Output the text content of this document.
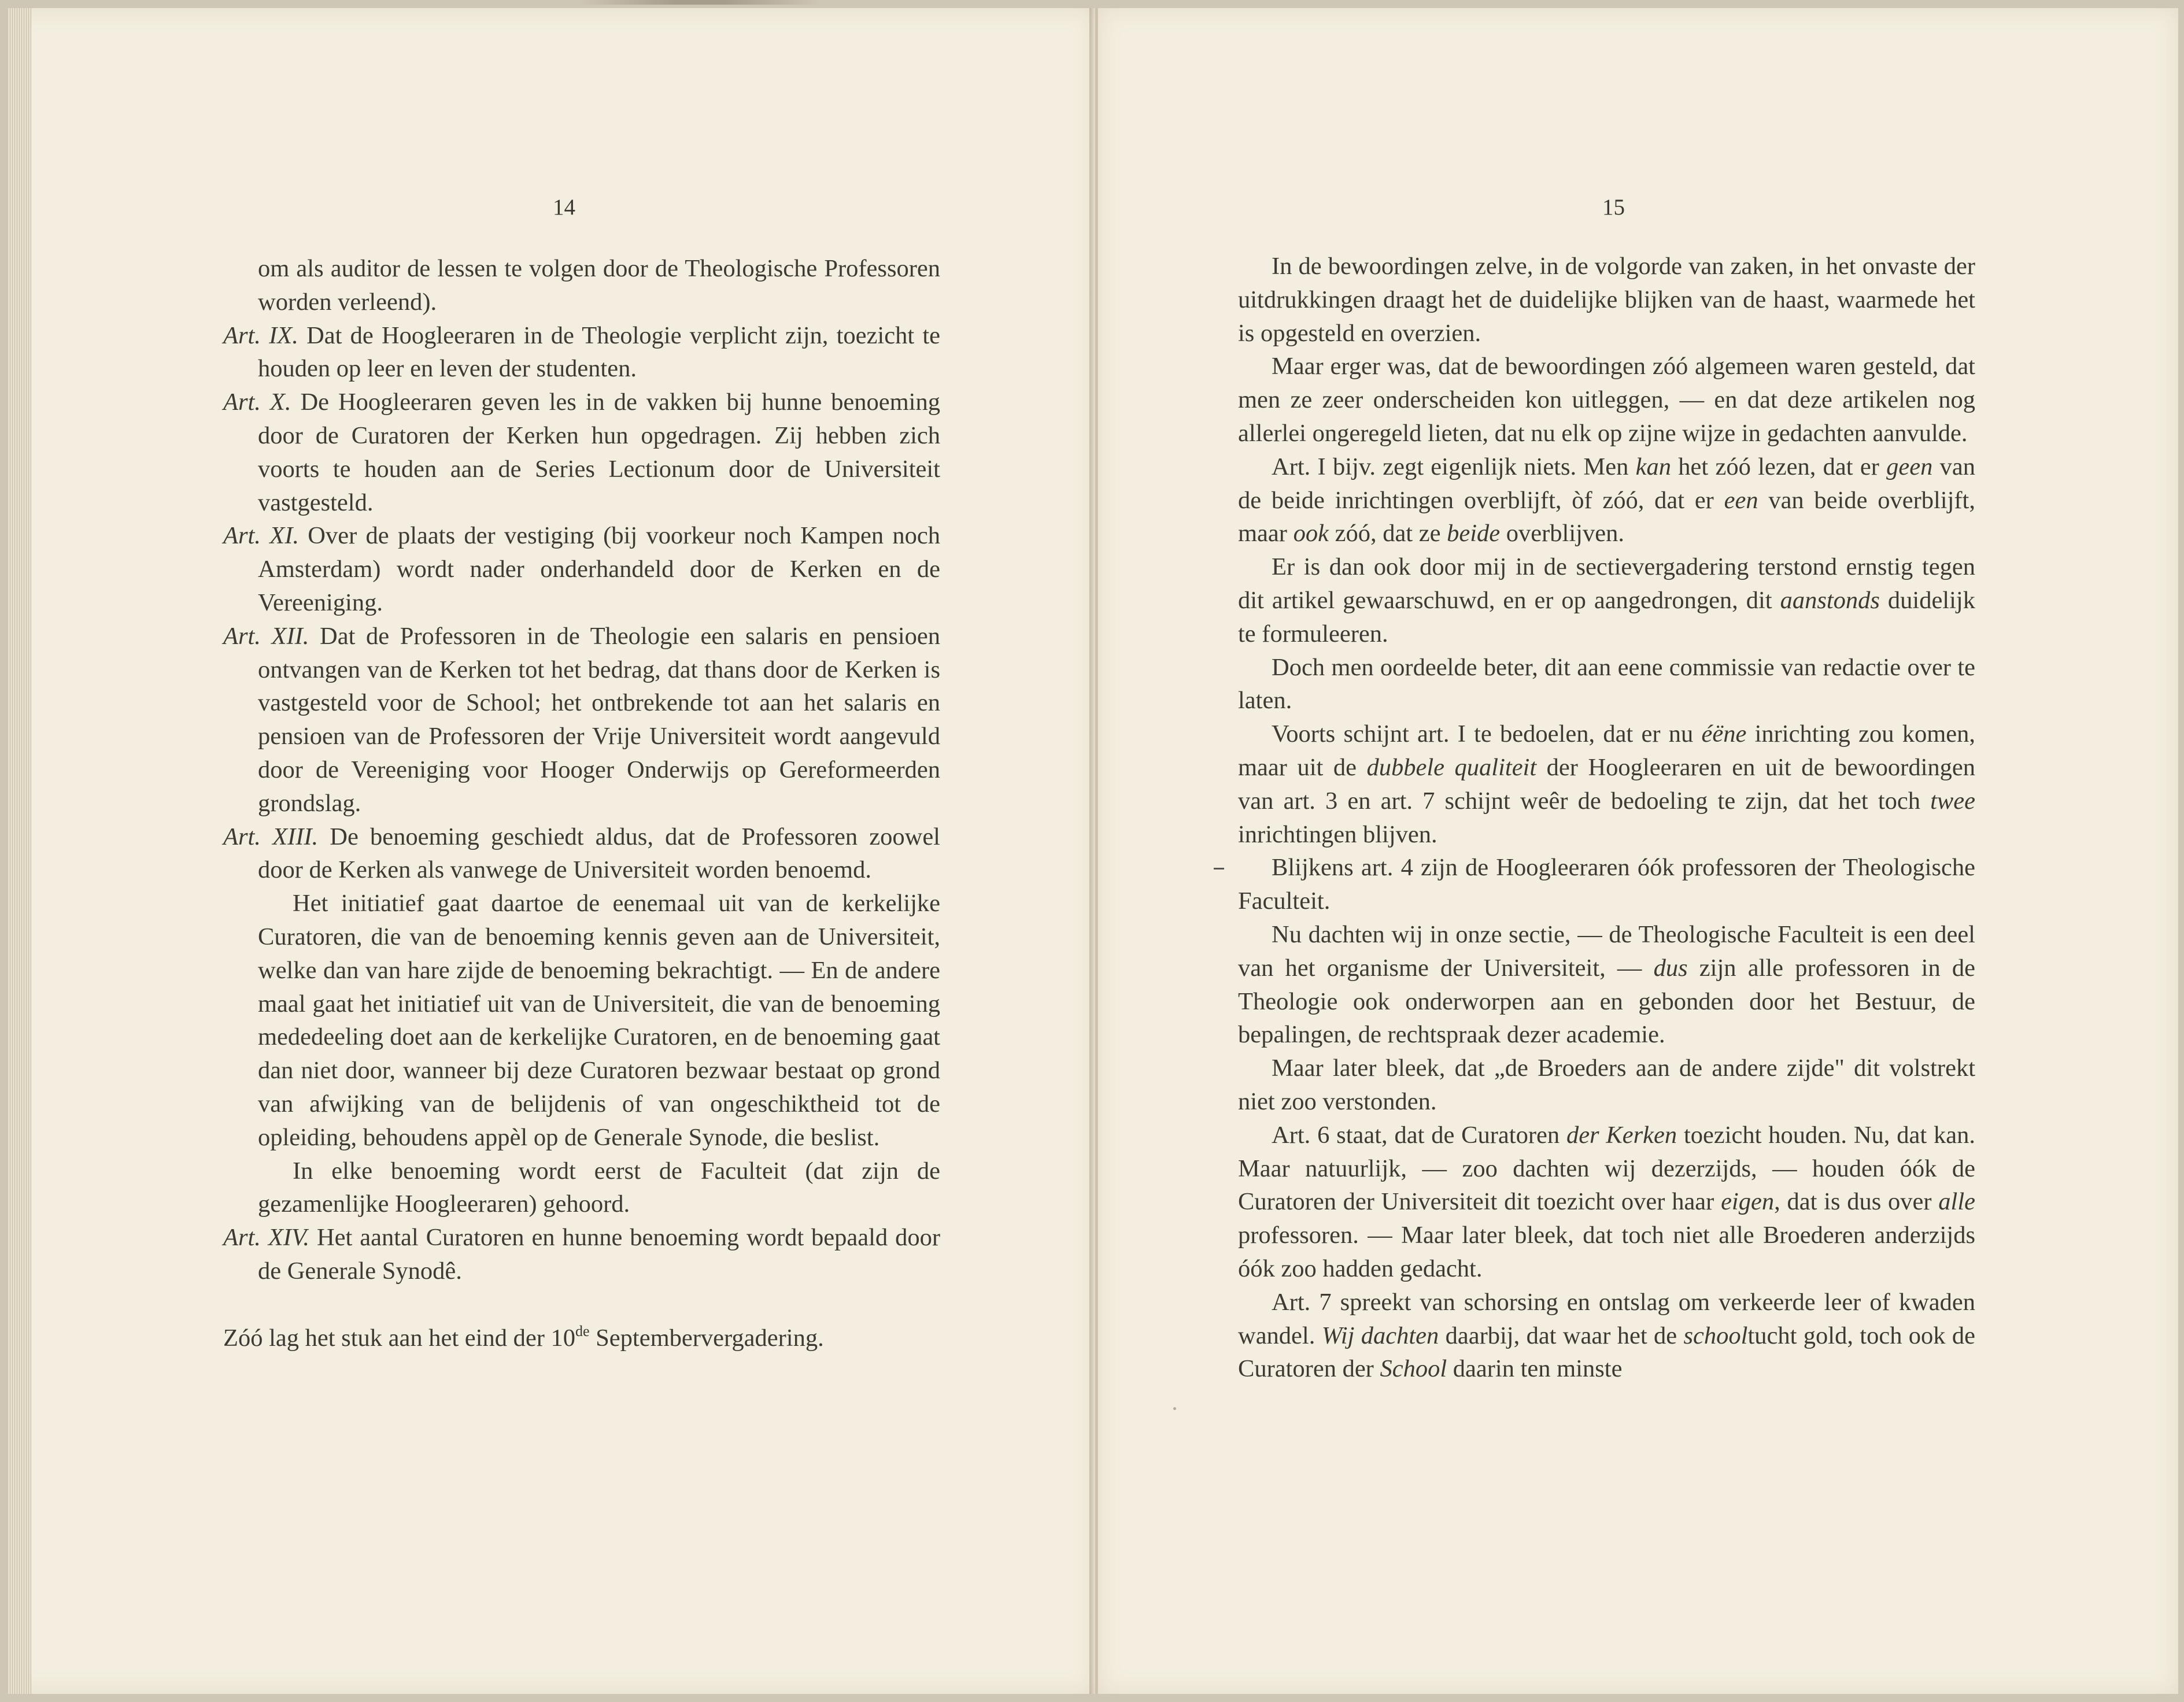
14

om als auditor de lessen te volgen door de Theologische Professoren worden verleend).

Art. IX. Dat de Hoogleeraren in de Theologie verplicht zijn, toezicht te houden op leer en leven der studenten.

Art. X. De Hoogleeraren geven les in de vakken bij hunne benoeming door de Curatoren der Kerken hun opgedragen. Zij hebben zich voorts te houden aan de Series Lectionum door de Universiteit vastgesteld.

Art. XI. Over de plaats der vestiging (bij voorkeur noch Kampen noch Amsterdam) wordt nader onderhandeld door de Kerken en de Vereeniging.

Art. XII. Dat de Professoren in de Theologie een salaris en pensioen ontvangen van de Kerken tot het bedrag, dat thans door de Kerken is vastgesteld voor de School; het ontbrekende tot aan het salaris en pensioen van de Professoren der Vrije Universiteit wordt aangevuld door de Vereeniging voor Hooger Onderwijs op Gereformeerden grondslag.

Art. XIII. De benoeming geschiedt aldus, dat de Professoren zoowel door de Kerken als vanwege de Universiteit worden benoemd.

Het initiatief gaat daartoe de eenemaal uit van de kerkelijke Curatoren, die van de benoeming kennis geven aan de Universiteit, welke dan van hare zijde de benoeming bekrachtigt. — En de andere maal gaat het initiatief uit van de Universiteit, die van de benoeming mededeeling doet aan de kerkelijke Curatoren, en de benoeming gaat dan niet door, wanneer bij deze Curatoren bezwaar bestaat op grond van afwijking van de belijdenis of van ongeschiktheid tot de opleiding, behoudens appèl op de Generale Synode, die beslist.

In elke benoeming wordt eerst de Faculteit (dat zijn de gezamenlijke Hoogleeraren) gehoord.

Art. XIV. Het aantal Curatoren en hunne benoeming wordt bepaald door de Generale Synodê.

Zóó lag het stuk aan het eind der 10de Septembervergadering.

15

In de bewoordingen zelve, in de volgorde van zaken, in het onvaste der uitdrukkingen draagt het de duidelijke blijken van de haast, waarmede het is opgesteld en overzien.

Maar erger was, dat de bewoordingen zóó algemeen waren gesteld, dat men ze zeer onderscheiden kon uitleggen, — en dat deze artikelen nog allerlei ongeregeld lieten, dat nu elk op zijne wijze in gedachten aanvulde.

Art. I bijv. zegt eigenlijk niets. Men kan het zóó lezen, dat er geen van de beide inrichtingen overblijft, òf zóó, dat er een van beide overblijft, maar ook zóó, dat ze beide overblijven.

Er is dan ook door mij in de sectievergadering terstond ernstig tegen dit artikel gewaarschuwd, en er op aangedrongen, dit aanstonds duidelijk te formuleeren.

Doch men oordeelde beter, dit aan eene commissie van redactie over te laten.

Voorts schijnt art. I te bedoelen, dat er nu éëne inrichting zou komen, maar uit de dubbele qualiteit der Hoogleeraren en uit de bewoordingen van art. 3 en art. 7 schijnt weêr de bedoeling te zijn, dat het toch twee inrichtingen blijven.

Blijkens art. 4 zijn de Hoogleeraren óók professoren der Theologische Faculteit.

Nu dachten wij in onze sectie, — de Theologische Faculteit is een deel van het organisme der Universiteit, — dus zijn alle professoren in de Theologie ook onderworpen aan en gebonden door het Bestuur, de bepalingen, de rechtspraak dezer academie.

Maar later bleek, dat „de Broeders aan de andere zijde" dit volstrekt niet zoo verstonden.

Art. 6 staat, dat de Curatoren der Kerken toezicht houden. Nu, dat kan. Maar natuurlijk, — zoo dachten wij dezerzijds, — houden óók de Curatoren der Universiteit dit toezicht over haar eigen, dat is dus over alle professoren. — Maar later bleek, dat toch niet alle Broederen anderzijds óók zoo hadden gedacht.

Art. 7 spreekt van schorsing en ontslag om verkeerde leer of kwaden wandel. Wij dachten daarbij, dat waar het de schooltucht gold, toch ook de Curatoren der School daarin ten minste
